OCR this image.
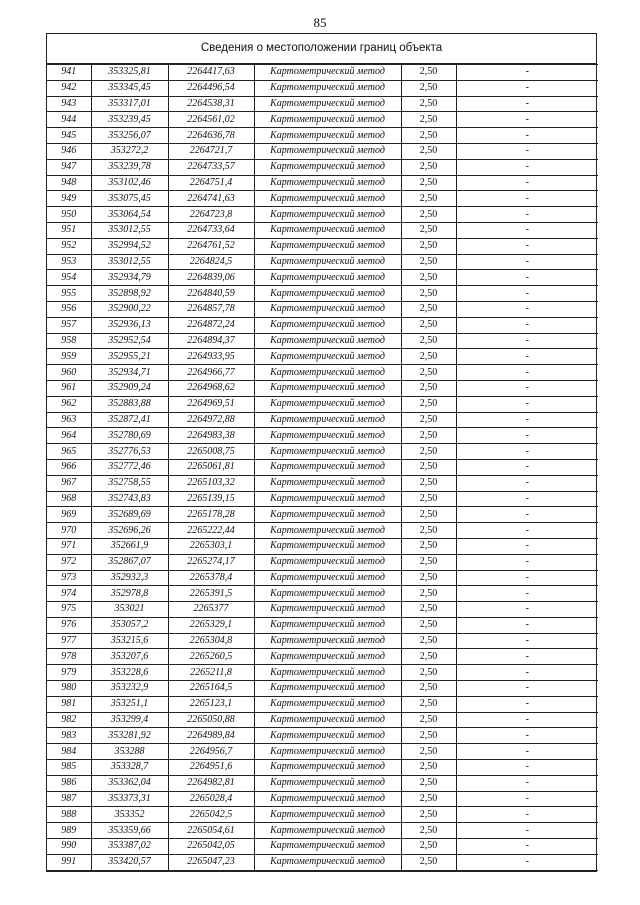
85
Сведения о местоположении границ объекта
941	353325,81	2264417,63	Картометрический метод	2,50	-
942	353345,45	2264496,54	Картометрический метод	2,50	-
943	353317,01	2264538,31	Картометрический метод	2,50	-
944	353239,45	2264561,02	Картометрический метод	2,50	-
945	353256,07	2264636,78	Картометрический метод	2,50	-
946	353272,2	2264721,7	Картометрический метод	2,50	-
947	353239,78	2264733,57	Картометрический метод	2,50	-
948	353102,46	2264751,4	Картометрический метод	2,50	-
949	353075,45	2264741,63	Картометрический метод	2,50	-
950	353064,54	2264723,8	Картометрический метод	2,50	-
951	353012,55	2264733,64	Картометрический метод	2,50	-
952	352994,52	2264761,52	Картометрический метод	2,50	-
953	353012,55	2264824,5	Картометрический метод	2,50	-
954	352934,79	2264839,06	Картометрический метод	2,50	-
955	352898,92	2264840,59	Картометрический метод	2,50	-
956	352900,22	2264857,78	Картометрический метод	2,50	-
957	352936,13	2264872,24	Картометрический метод	2,50	-
958	352952,54	2264894,37	Картометрический метод	2,50	-
959	352955,21	2264933,95	Картометрический метод	2,50	-
960	352934,71	2264966,77	Картометрический метод	2,50	-
961	352909,24	2264968,62	Картометрический метод	2,50	-
962	352883,88	2264969,51	Картометрический метод	2,50	-
963	352872,41	2264972,88	Картометрический метод	2,50	-
964	352780,69	2264983,38	Картометрический метод	2,50	-
965	352776,53	2265008,75	Картометрический метод	2,50	-
966	352772,46	2265061,81	Картометрический метод	2,50	-
967	352758,55	2265103,32	Картометрический метод	2,50	-
968	352743,83	2265139,15	Картометрический метод	2,50	-
969	352689,69	2265178,28	Картометрический метод	2,50	-
970	352696,26	2265222,44	Картометрический метод	2,50	-
971	352661,9	2265303,1	Картометрический метод	2,50	-
972	352867,07	2265274,17	Картометрический метод	2,50	-
973	352932,3	2265378,4	Картометрический метод	2,50	-
974	352978,8	2265391,5	Картометрический метод	2,50	-
975	353021	2265377	Картометрический метод	2,50	-
976	353057,2	2265329,1	Картометрический метод	2,50	-
977	353215,6	2265304,8	Картометрический метод	2,50	-
978	353207,6	2265260,5	Картометрический метод	2,50	-
979	353228,6	2265211,8	Картометрический метод	2,50	-
980	353232,9	2265164,5	Картометрический метод	2,50	-
981	353251,1	2265123,1	Картометрический метод	2,50	-
982	353299,4	2265050,88	Картометрический метод	2,50	-
983	353281,92	2264989,84	Картометрический метод	2,50	-
984	353288	2264956,7	Картометрический метод	2,50	-
985	353328,7	2264951,6	Картометрический метод	2,50	-
986	353362,04	2264982,81	Картометрический метод	2,50	-
987	353373,31	2265028,4	Картометрический метод	2,50	-
988	353352	2265042,5	Картометрический метод	2,50	-
989	353359,66	2265054,61	Картометрический метод	2,50	-
990	353387,02	2265042,05	Картометрический метод	2,50	-
991	353420,57	2265047,23	Картометрический метод	2,50	-
